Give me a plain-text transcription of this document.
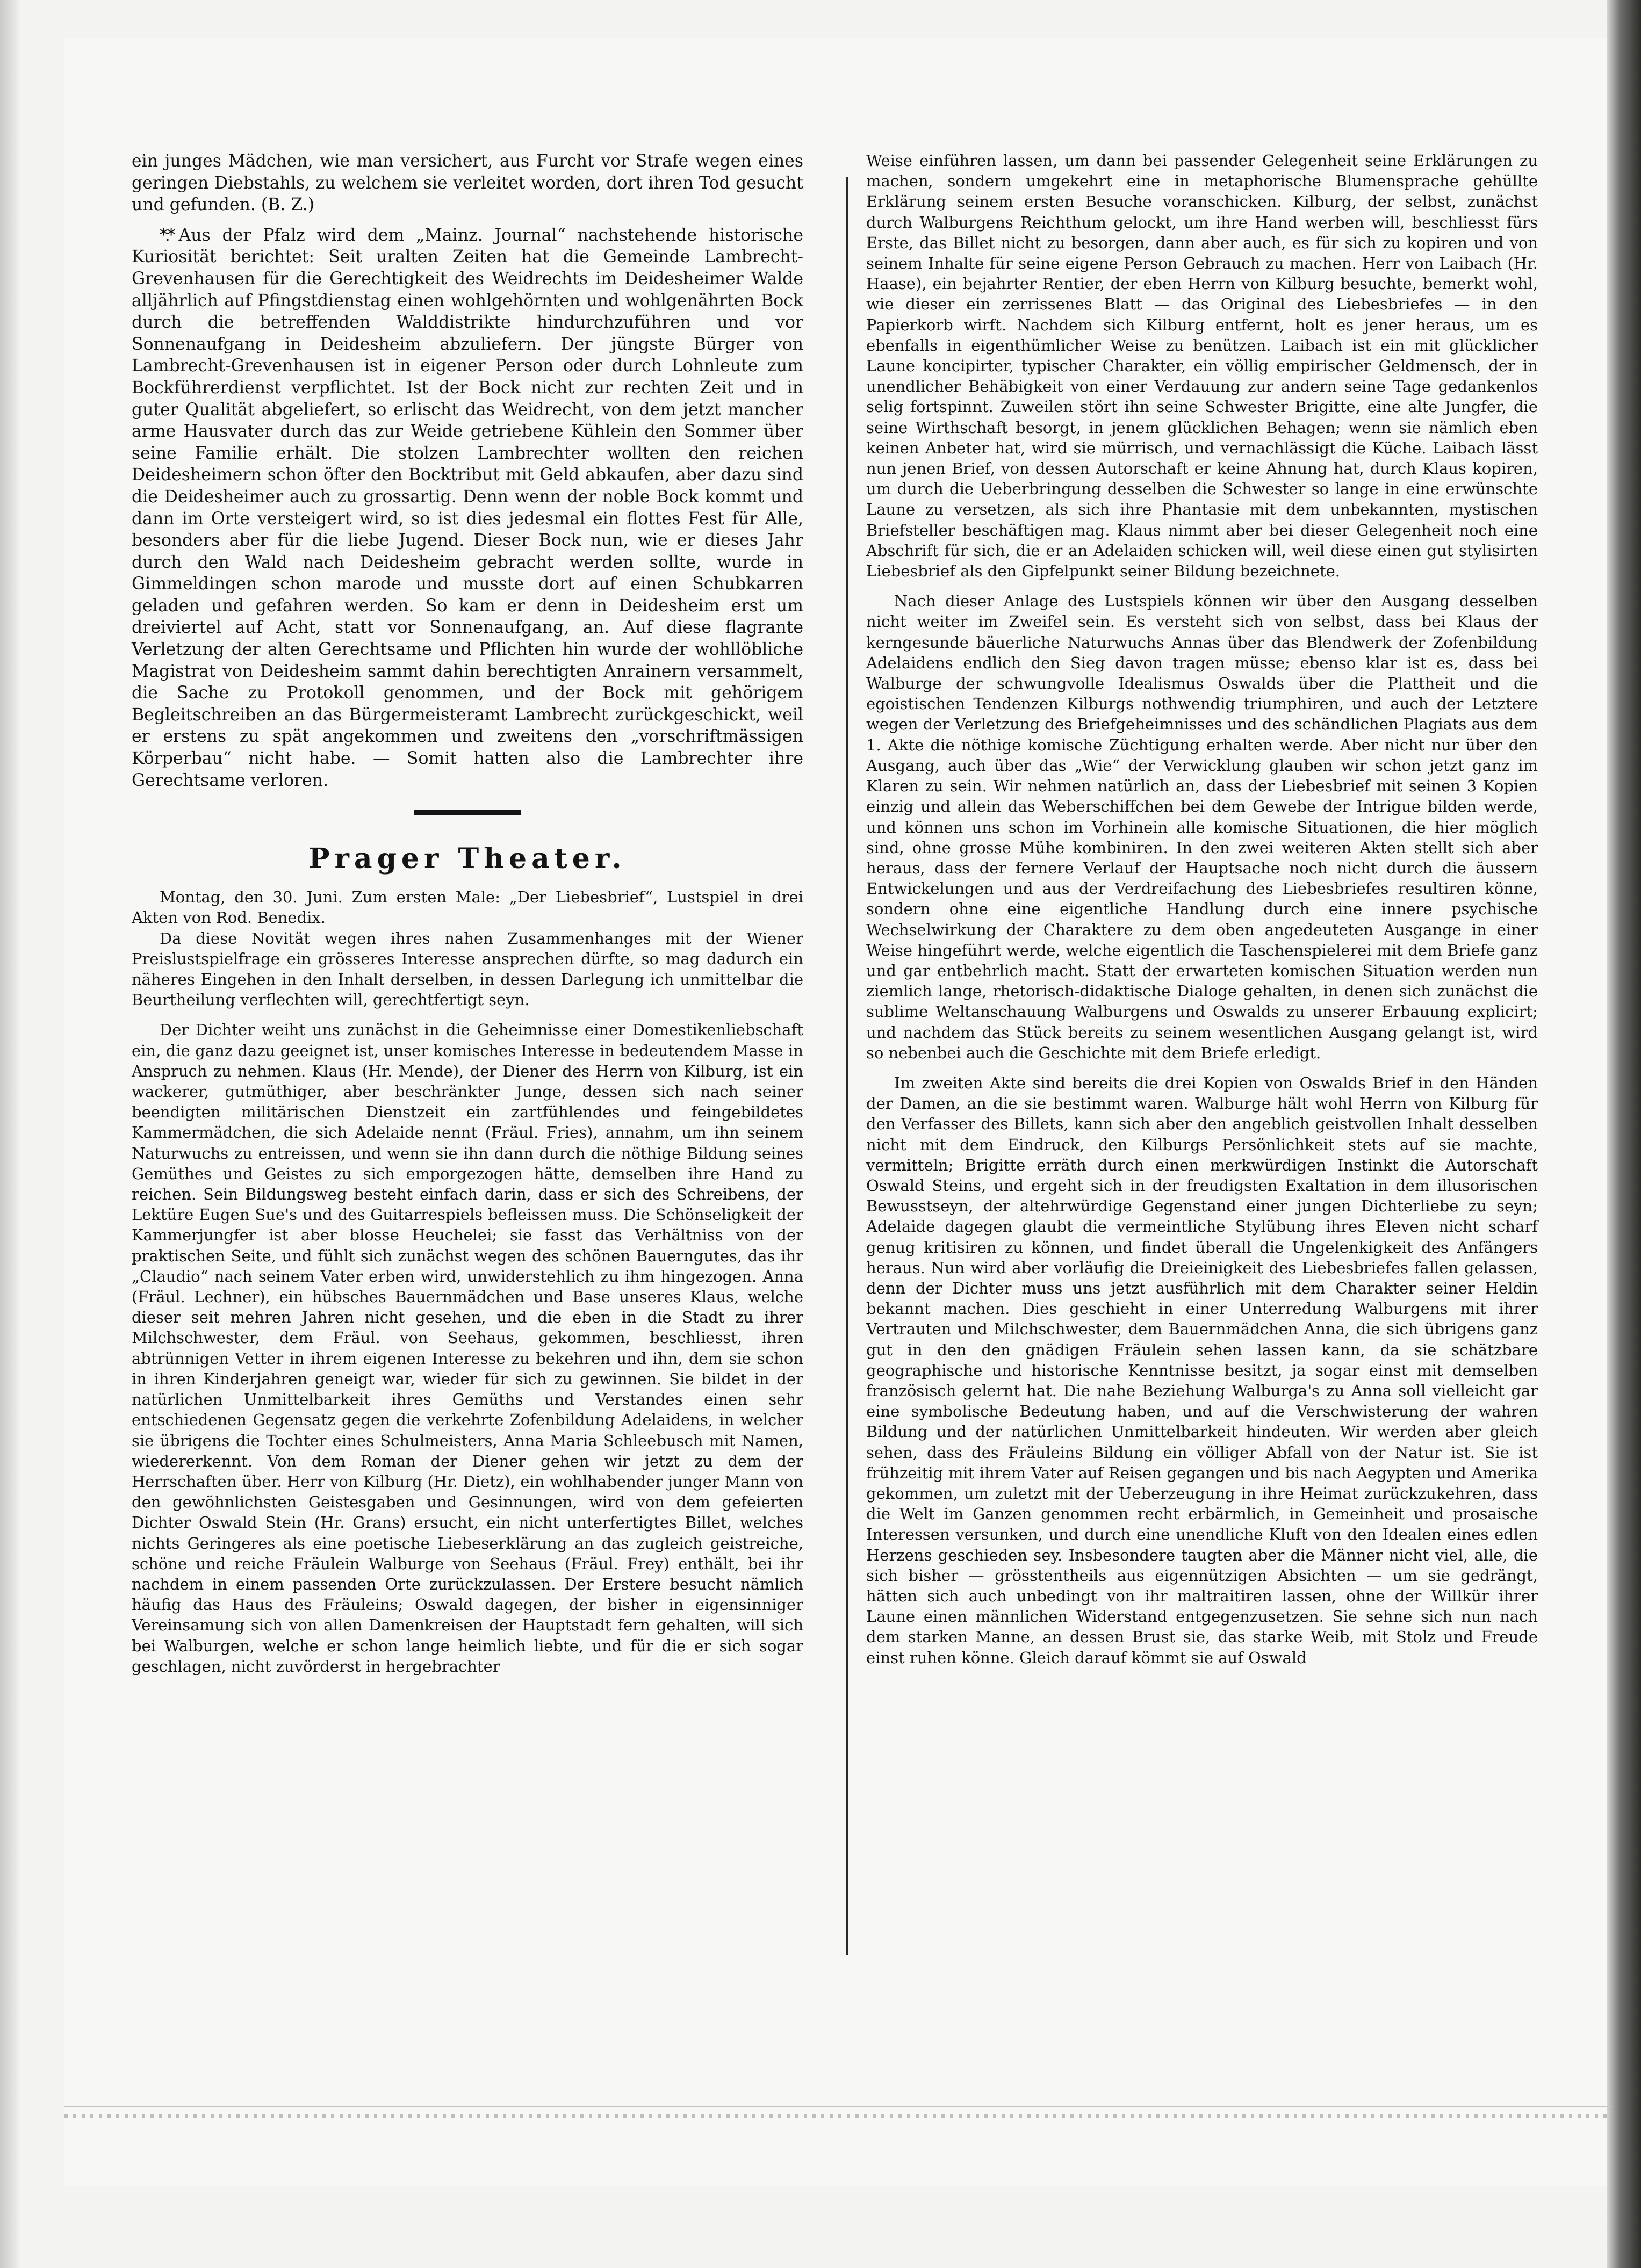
ein junges Mädchen, wie man versichert, aus Furcht vor Strafe wegen eines geringen Diebstahls, zu welchem sie verleitet worden, dort ihren Tod gesucht und gefunden. (B. Z.)

*.* Aus der Pfalz wird dem „Mainz. Journal“ nachstehende historische Kuriosität berichtet: Seit uralten Zeiten hat die Gemeinde Lambrecht-Grevenhausen für die Gerechtigkeit des Weidrechts im Deidesheimer Walde alljährlich auf Pfingstdienstag einen wohlgehörnten und wohlgenährten Bock durch die betreffenden Walddistrikte hindurchzuführen und vor Sonnenaufgang in Deidesheim abzuliefern. Der jüngste Bürger von Lambrecht-Grevenhausen ist in eigener Person oder durch Lohnleute zum Bockführerdienst verpflichtet. Ist der Bock nicht zur rechten Zeit und in guter Qualität abgeliefert, so erlischt das Weidrecht, von dem jetzt mancher arme Hausvater durch das zur Weide getriebene Kühlein den Sommer über seine Familie erhält. Die stolzen Lambrechter wollten den reichen Deidesheimern schon öfter den Bocktribut mit Geld abkaufen, aber dazu sind die Deidesheimer auch zu grossartig. Denn wenn der noble Bock kommt und dann im Orte versteigert wird, so ist dies jedesmal ein flottes Fest für Alle, besonders aber für die liebe Jugend. Dieser Bock nun, wie er dieses Jahr durch den Wald nach Deidesheim gebracht werden sollte, wurde in Gimmeldingen schon marode und musste dort auf einen Schubkarren geladen und gefahren werden. So kam er denn in Deidesheim erst um dreiviertel auf Acht, statt vor Sonnenaufgang, an. Auf diese flagrante Verletzung der alten Gerechtsame und Pflichten hin wurde der wohllöbliche Magistrat von Deidesheim sammt dahin berechtigten Anrainern versammelt, die Sache zu Protokoll genommen, und der Bock mit gehörigem Begleitschreiben an das Bürgermeisteramt Lambrecht zurückgeschickt, weil er erstens zu spät angekommen und zweitens den „vorschriftmässigen Körperbau“ nicht habe. — Somit hatten also die Lambrechter ihre Gerechtsame verloren.

Prager Theater.

Montag, den 30. Juni. Zum ersten Male: „Der Liebesbrief“, Lustspiel in drei Akten von Rod. Benedix.

Da diese Novität wegen ihres nahen Zusammenhanges mit der Wiener Preislustspielfrage ein grösseres Interesse ansprechen dürfte, so mag dadurch ein näheres Eingehen in den Inhalt derselben, in dessen Darlegung ich unmittelbar die Beurtheilung verflechten will, gerechtfertigt seyn.

Der Dichter weiht uns zunächst in die Geheimnisse einer Domestikenliebschaft ein, die ganz dazu geeignet ist, unser komisches Interesse in bedeutendem Masse in Anspruch zu nehmen. Klaus (Hr. Mende), der Diener des Herrn von Kilburg, ist ein wackerer, gutmüthiger, aber beschränkter Junge, dessen sich nach seiner beendigten militärischen Dienstzeit ein zartfühlendes und feingebildetes Kammermädchen, die sich Adelaide nennt (Fräul. Fries), annahm, um ihn seinem Naturwuchs zu entreissen, und wenn sie ihn dann durch die nöthige Bildung seines Gemüthes und Geistes zu sich emporgezogen hätte, demselben ihre Hand zu reichen. Sein Bildungsweg besteht einfach darin, dass er sich des Schreibens, der Lektüre Eugen Sue's und des Guitarrespiels befleissen muss. Die Schönseligkeit der Kammerjungfer ist aber blosse Heuchelei; sie fasst das Verhältniss von der praktischen Seite, und fühlt sich zunächst wegen des schönen Bauerngutes, das ihr „Claudio“ nach seinem Vater erben wird, unwiderstehlich zu ihm hingezogen. Anna (Fräul. Lechner), ein hübsches Bauernmädchen und Base unseres Klaus, welche dieser seit mehren Jahren nicht gesehen, und die eben in die Stadt zu ihrer Milchschwester, dem Fräul. von Seehaus, gekommen, beschliesst, ihren abtrünnigen Vetter in ihrem eigenen Interesse zu bekehren und ihn, dem sie schon in ihren Kinderjahren geneigt war, wieder für sich zu gewinnen. Sie bildet in der natürlichen Unmittelbarkeit ihres Gemüths und Verstandes einen sehr entschiedenen Gegensatz gegen die verkehrte Zofenbildung Adelaidens, in welcher sie übrigens die Tochter eines Schulmeisters, Anna Maria Schleebusch mit Namen, wiedererkennt. Von dem Roman der Diener gehen wir jetzt zu dem der Herrschaften über. Herr von Kilburg (Hr. Dietz), ein wohlhabender junger Mann von den gewöhnlichsten Geistesgaben und Gesinnungen, wird von dem gefeierten Dichter Oswald Stein (Hr. Grans) ersucht, ein nicht unterfertigtes Billet, welches nichts Geringeres als eine poetische Liebeserklärung an das zugleich geistreiche, schöne und reiche Fräulein Walburge von Seehaus (Fräul. Frey) enthält, bei ihr nachdem in einem passenden Orte zurückzulassen. Der Erstere besucht nämlich häufig das Haus des Fräuleins; Oswald dagegen, der bisher in eigensinniger Vereinsamung sich von allen Damenkreisen der Hauptstadt fern gehalten, will sich bei Walburgen, welche er schon lange heimlich liebte, und für die er sich sogar geschlagen, nicht zuvörderst in hergebrachter

Weise einführen lassen, um dann bei passender Gelegenheit seine Erklärungen zu machen, sondern umgekehrt eine in metaphorische Blumensprache gehüllte Erklärung seinem ersten Besuche voranschicken. Kilburg, der selbst, zunächst durch Walburgens Reichthum gelockt, um ihre Hand werben will, beschliesst fürs Erste, das Billet nicht zu besorgen, dann aber auch, es für sich zu kopiren und von seinem Inhalte für seine eigene Person Gebrauch zu machen. Herr von Laibach (Hr. Haase), ein bejahrter Rentier, der eben Herrn von Kilburg besuchte, bemerkt wohl, wie dieser ein zerrissenes Blatt — das Original des Liebesbriefes — in den Papierkorb wirft. Nachdem sich Kilburg entfernt, holt es jener heraus, um es ebenfalls in eigenthümlicher Weise zu benützen. Laibach ist ein mit glücklicher Laune koncipirter, typischer Charakter, ein völlig empirischer Geldmensch, der in unendlicher Behäbigkeit von einer Verdauung zur andern seine Tage gedankenlos selig fortspinnt. Zuweilen stört ihn seine Schwester Brigitte, eine alte Jungfer, die seine Wirthschaft besorgt, in jenem glücklichen Behagen; wenn sie nämlich eben keinen Anbeter hat, wird sie mürrisch, und vernachlässigt die Küche. Laibach lässt nun jenen Brief, von dessen Autorschaft er keine Ahnung hat, durch Klaus kopiren, um durch die Ueberbringung desselben die Schwester so lange in eine erwünschte Laune zu versetzen, als sich ihre Phantasie mit dem unbekannten, mystischen Briefsteller beschäftigen mag. Klaus nimmt aber bei dieser Gelegenheit noch eine Abschrift für sich, die er an Adelaiden schicken will, weil diese einen gut stylisirten Liebesbrief als den Gipfelpunkt seiner Bildung bezeichnete.

Nach dieser Anlage des Lustspiels können wir über den Ausgang desselben nicht weiter im Zweifel sein. Es versteht sich von selbst, dass bei Klaus der kerngesunde bäuerliche Naturwuchs Annas über das Blendwerk der Zofenbildung Adelaidens endlich den Sieg davon tragen müsse; ebenso klar ist es, dass bei Walburge der schwungvolle Idealismus Oswalds über die Plattheit und die egoistischen Tendenzen Kilburgs nothwendig triumphiren, und auch der Letztere wegen der Verletzung des Briefgeheimnisses und des schändlichen Plagiats aus dem 1. Akte die nöthige komische Züchtigung erhalten werde. Aber nicht nur über den Ausgang, auch über das „Wie“ der Verwicklung glauben wir schon jetzt ganz im Klaren zu sein. Wir nehmen natürlich an, dass der Liebesbrief mit seinen 3 Kopien einzig und allein das Weberschiffchen bei dem Gewebe der Intrigue bilden werde, und können uns schon im Vorhinein alle komische Situationen, die hier möglich sind, ohne grosse Mühe kombiniren. In den zwei weiteren Akten stellt sich aber heraus, dass der fernere Verlauf der Hauptsache noch nicht durch die äussern Entwickelungen und aus der Verdreifachung des Liebesbriefes resultiren könne, sondern ohne eine eigentliche Handlung durch eine innere psychische Wechselwirkung der Charaktere zu dem oben angedeuteten Ausgange in einer Weise hingeführt werde, welche eigentlich die Taschenspielerei mit dem Briefe ganz und gar entbehrlich macht. Statt der erwarteten komischen Situation werden nun ziemlich lange, rhetorisch-didaktische Dialoge gehalten, in denen sich zunächst die sublime Weltanschauung Walburgens und Oswalds zu unserer Erbauung explicirt; und nachdem das Stück bereits zu seinem wesentlichen Ausgang gelangt ist, wird so nebenbei auch die Geschichte mit dem Briefe erledigt.

Im zweiten Akte sind bereits die drei Kopien von Oswalds Brief in den Händen der Damen, an die sie bestimmt waren. Walburge hält wohl Herrn von Kilburg für den Verfasser des Billets, kann sich aber den angeblich geistvollen Inhalt desselben nicht mit dem Eindruck, den Kilburgs Persönlichkeit stets auf sie machte, vermitteln; Brigitte erräth durch einen merkwürdigen Instinkt die Autorschaft Oswald Steins, und ergeht sich in der freudigsten Exaltation in dem illusorischen Bewusstseyn, der altehrwürdige Gegenstand einer jungen Dichterliebe zu seyn; Adelaide dagegen glaubt die vermeintliche Stylübung ihres Eleven nicht scharf genug kritisiren zu können, und findet überall die Ungelenkigkeit des Anfängers heraus. Nun wird aber vorläufig die Dreieinigkeit des Liebesbriefes fallen gelassen, denn der Dichter muss uns jetzt ausführlich mit dem Charakter seiner Heldin bekannt machen. Dies geschieht in einer Unterredung Walburgens mit ihrer Vertrauten und Milchschwester, dem Bauernmädchen Anna, die sich übrigens ganz gut in den den gnädigen Fräulein sehen lassen kann, da sie schätzbare geographische und historische Kenntnisse besitzt, ja sogar einst mit demselben französisch gelernt hat. Die nahe Beziehung Walburga's zu Anna soll vielleicht gar eine symbolische Bedeutung haben, und auf die Verschwisterung der wahren Bildung und der natürlichen Unmittelbarkeit hindeuten. Wir werden aber gleich sehen, dass des Fräuleins Bildung ein völliger Abfall von der Natur ist. Sie ist frühzeitig mit ihrem Vater auf Reisen gegangen und bis nach Aegypten und Amerika gekommen, um zuletzt mit der Ueberzeugung in ihre Heimat zurückzukehren, dass die Welt im Ganzen genommen recht erbärmlich, in Gemeinheit und prosaische Interessen versunken, und durch eine unendliche Kluft von den Idealen eines edlen Herzens geschieden sey. Insbesondere taugten aber die Männer nicht viel, alle, die sich bisher — grösstentheils aus eigennützigen Absichten — um sie gedrängt, hätten sich auch unbedingt von ihr maltraitiren lassen, ohne der Willkür ihrer Laune einen männlichen Widerstand entgegenzusetzen. Sie sehne sich nun nach dem starken Manne, an dessen Brust sie, das starke Weib, mit Stolz und Freude einst ruhen könne. Gleich darauf kömmt sie auf Oswald
